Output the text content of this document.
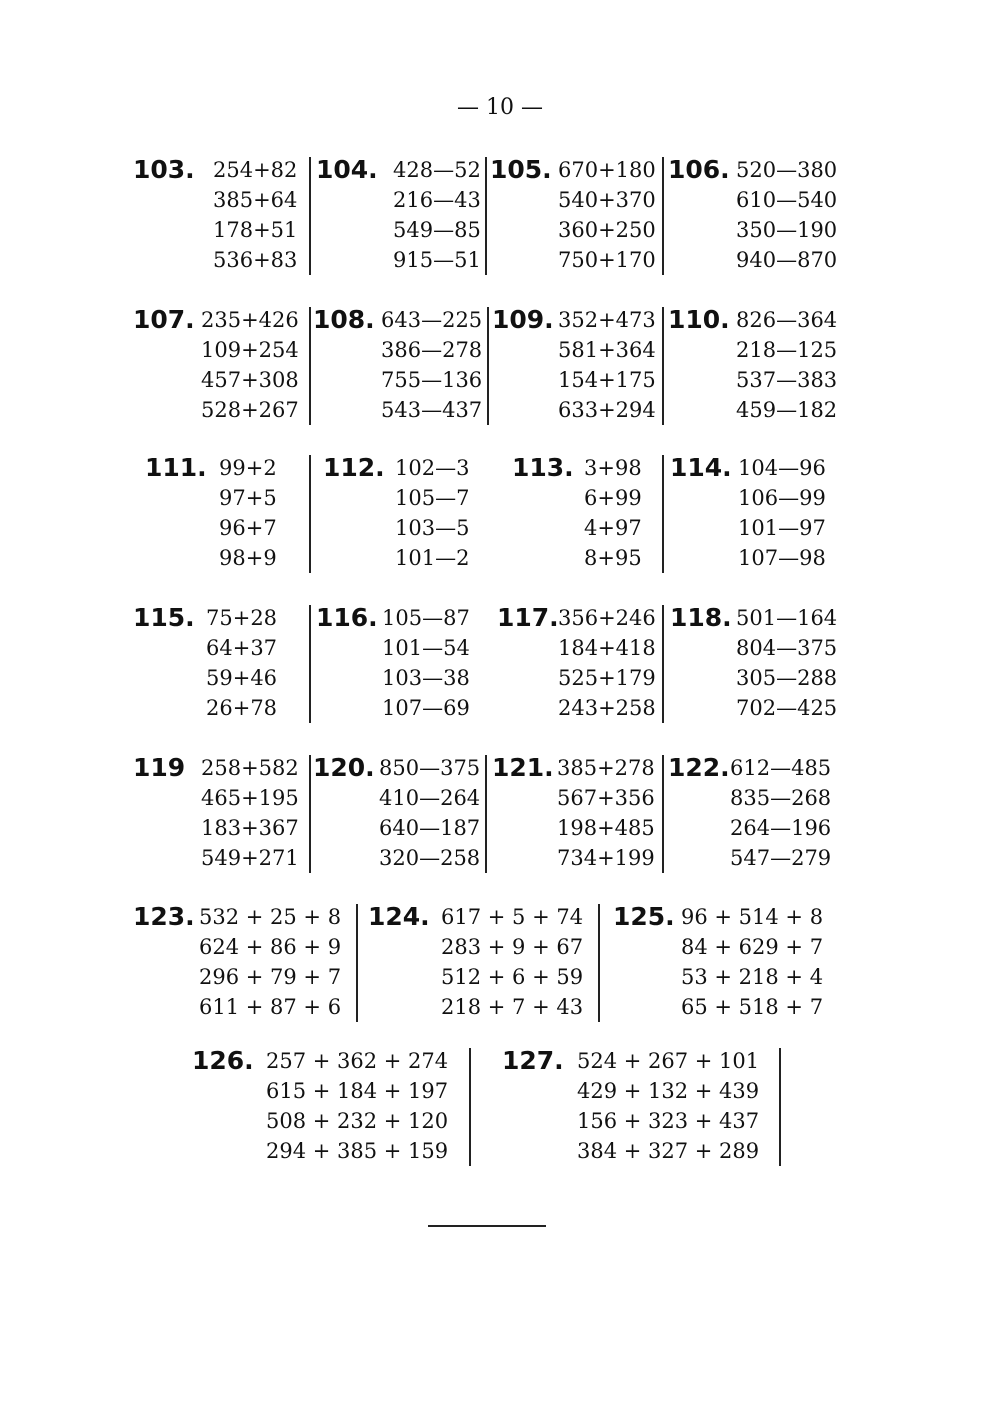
— 10 —
103. 254+82
385+64
178+51
536+83
104. 428—52
216—43
549—85
915—51
105. 670+180
540+370
360+250
750+170
106. 520—380
610—540
350—190
940—870
107. 235+426
109+254
457+308
528+267
108. 643—225
386—278
755—136
543—437
109. 352+473
581+364
154+175
633+294
110. 826—364
218—125
537—383
459—182
111. 99+2
97+5
96+7
98+9
112. 102—3
105—7
103—5
101—2
113. 3+98
6+99
4+97
8+95
114. 104—96
106—99
101—97
107—98
115. 75+28
64+37
59+46
26+78
116. 105—87
101—54
103—38
107—69
117. 356+246
184+418
525+179
243+258
118. 501—164
804—375
305—288
702—425
119 258+582
465+195
183+367
549+271
120. 850—375
410—264
640—187
320—258
121. 385+278
567+356
198+485
734+199
122. 612—485
835—268
264—196
547—279
123. 532 + 25 + 8
624 + 86 + 9
296 + 79 + 7
611 + 87 + 6
124. 617 + 5 + 74
283 + 9 + 67
512 + 6 + 59
218 + 7 + 43
125. 96 + 514 + 8
84 + 629 + 7
53 + 218 + 4
65 + 518 + 7
126. 257 + 362 + 274
615 + 184 + 197
508 + 232 + 120
294 + 385 + 159
127. 524 + 267 + 101
429 + 132 + 439
156 + 323 + 437
384 + 327 + 289
